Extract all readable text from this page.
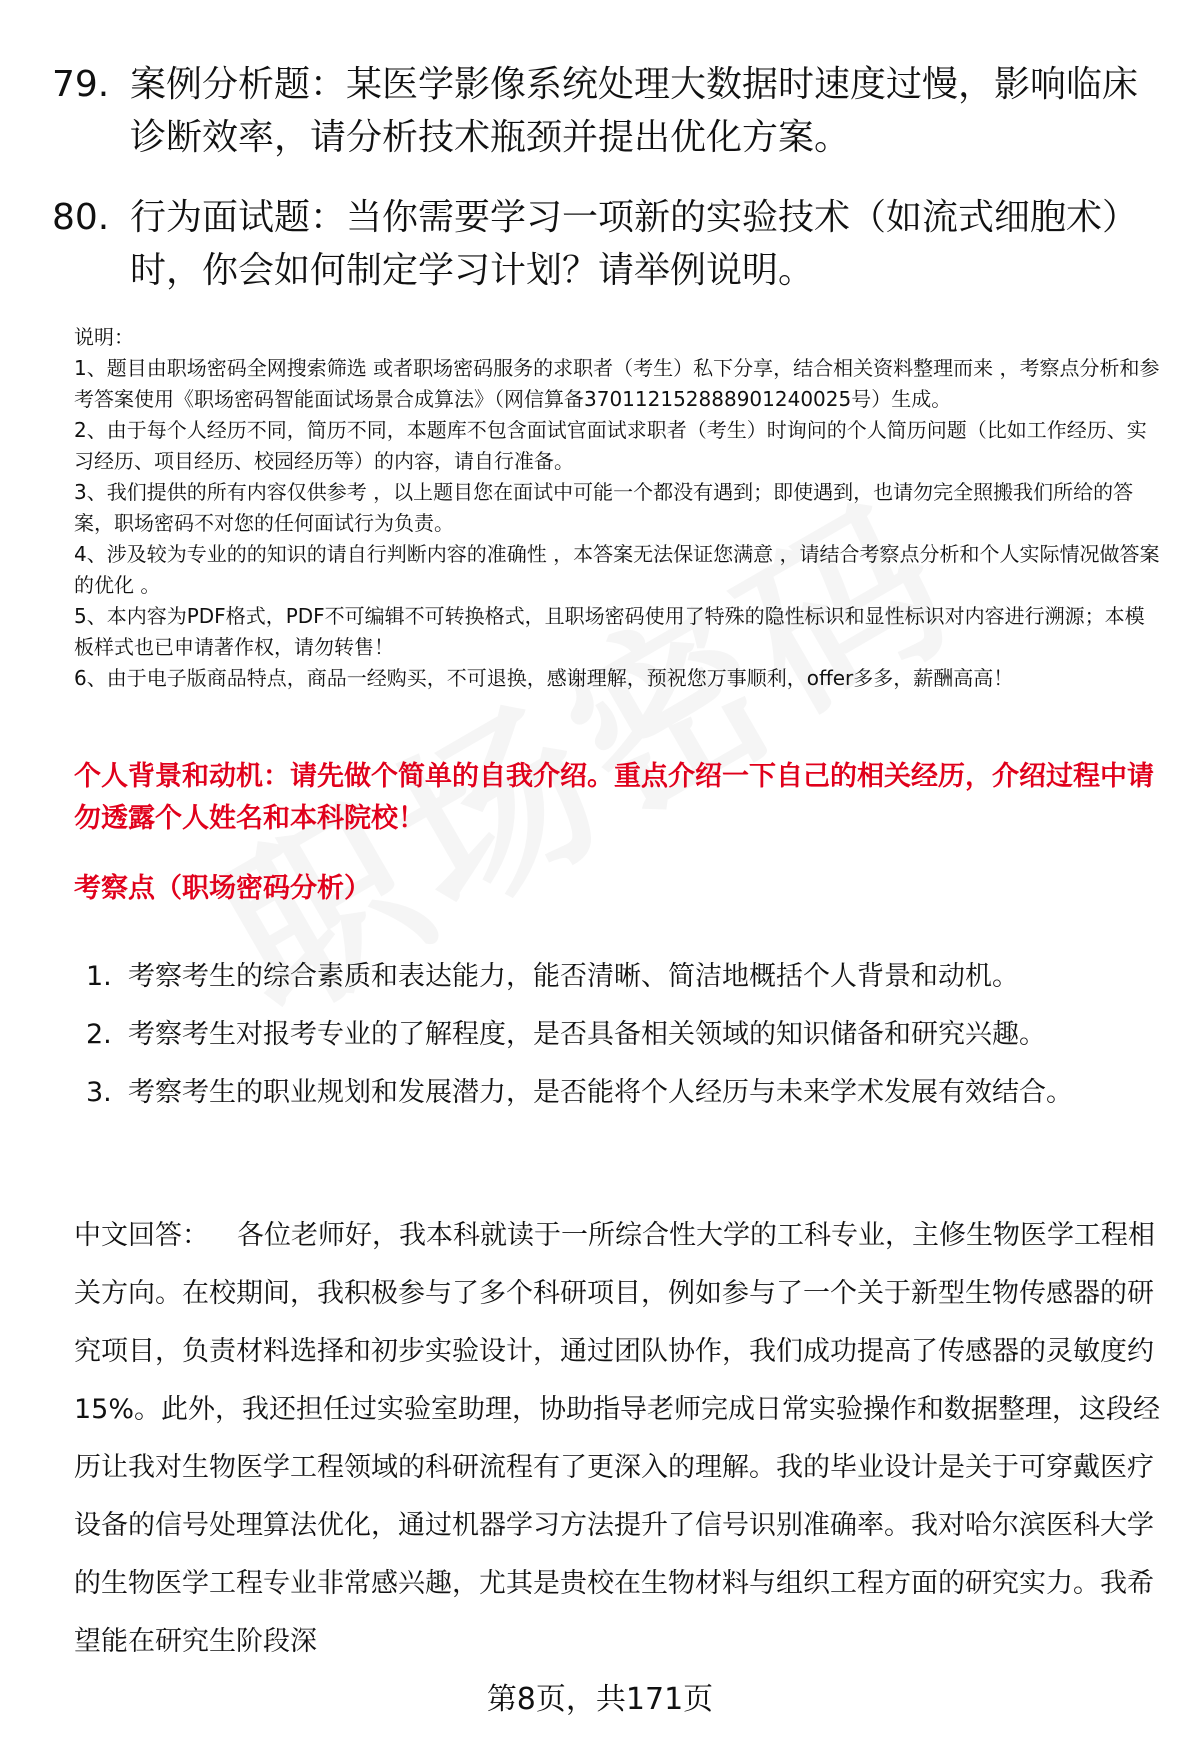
79. 案例分析题：某医学影像系统处理大数据时速度过慢，影响临床诊断效率，请分析技术瓶颈并提出优化方案。
80. 行为面试题：当你需要学习一项新的实验技术（如流式细胞术）时，你会如何制定学习计划？请举例说明。
说明：
1、题目由职场密码全网搜索筛选 或者职场密码服务的求职者（考生）私下分享，结合相关资料整理而来 ，考察点分析和参考答案使用《职场密码智能面试场景合成算法》（网信算备370112152888901240025号）生成。
2、由于每个人经历不同，简历不同，本题库不包含面试官面试求职者（考生）时询问的个人简历问题（比如工作经历、实习经历、项目经历、校园经历等）的内容，请自行准备。
3、我们提供的所有内容仅供参考 ，以上题目您在面试中可能一个都没有遇到；即使遇到，也请勿完全照搬我们所给的答案，职场密码不对您的任何面试行为负责。
4、涉及较为专业的的知识的请自行判断内容的准确性 ，本答案无法保证您满意 ，请结合考察点分析和个人实际情况做答案的优化 。
5、本内容为PDF格式，PDF不可编辑不可转换格式，且职场密码使用了特殊的隐性标识和显性标识对内容进行溯源；本模板样式也已申请著作权，请勿转售！
6、由于电子版商品特点，商品一经购买，不可退换，感谢理解，预祝您万事顺利，offer多多，薪酬高高！
个人背景和动机：请先做个简单的自我介绍。重点介绍一下自己的相关经历，介绍过程中请勿透露个人姓名和本科院校！
考察点（职场密码分析）
1. 考察考生的综合素质和表达能力，能否清晰、简洁地概括个人背景和动机。
2. 考察考生对报考专业的了解程度，是否具备相关领域的知识储备和研究兴趣。
3. 考察考生的职业规划和发展潜力，是否能将个人经历与未来学术发展有效结合。
中文回答： 各位老师好，我本科就读于一所综合性大学的工科专业，主修生物医学工程相关方向。在校期间，我积极参与了多个科研项目，例如参与了一个关于新型生物传感器的研究项目，负责材料选择和初步实验设计，通过团队协作，我们成功提高了传感器的灵敏度约15%。此外，我还担任过实验室助理，协助指导老师完成日常实验操作和数据整理，这段经历让我对生物医学工程领域的科研流程有了更深入的理解。我的毕业设计是关于可穿戴医疗设备的信号处理算法优化，通过机器学习方法提升了信号识别准确率。我对哈尔滨医科大学的生物医学工程专业非常感兴趣，尤其是贵校在生物材料与组织工程方面的研究实力。我希望能在研究生阶段深
第8页，共171页
